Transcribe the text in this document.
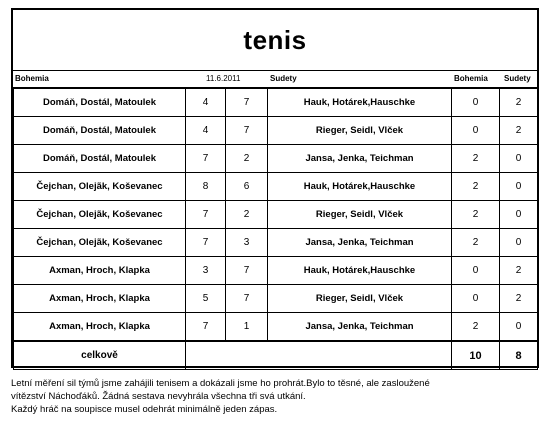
tenis
Bohemia	11.6.2011	Sudety	Bohemia Sudety
Domáň, Dostál, Matoulek	4	7	Hauk, Hotárek,Hauschke	0	2
Domáň, Dostál, Matoulek	4	7	Rieger, Seidl, Vlček	0	2
Domáň, Dostál, Matoulek	7	2	Jansa, Jenka, Teichman	2	0
Čejchan, Olejãk, Koševanec	8	6	Hauk, Hotárek,Hauschke	2	0
Čejchan, Olejãk, Koševanec	7	2	Rieger, Seidl, Vlček	2	0
Čejchan, Olejãk, Koševanec	7	3	Jansa, Jenka, Teichman	2	0
Axman, Hroch, Klapka	3	7	Hauk, Hotárek,Hauschke	0	2
Axman, Hroch, Klapka	5	7	Rieger, Seidl, Vlček	0	2
Axman, Hroch, Klapka	7	1	Jansa, Jenka, Teichman	2	0
celkově				10	8
Letní měření sil týmů jsme zahájili tenisem a dokázali jsme ho prohrát.Bylo to těsné, ale zasloužené
vítězství Náchoďáků. Žádná sestava nevyhrála všechna tři svá utkání.
Každý hráč na soupisce musel odehrát minimálně jeden zápas.
